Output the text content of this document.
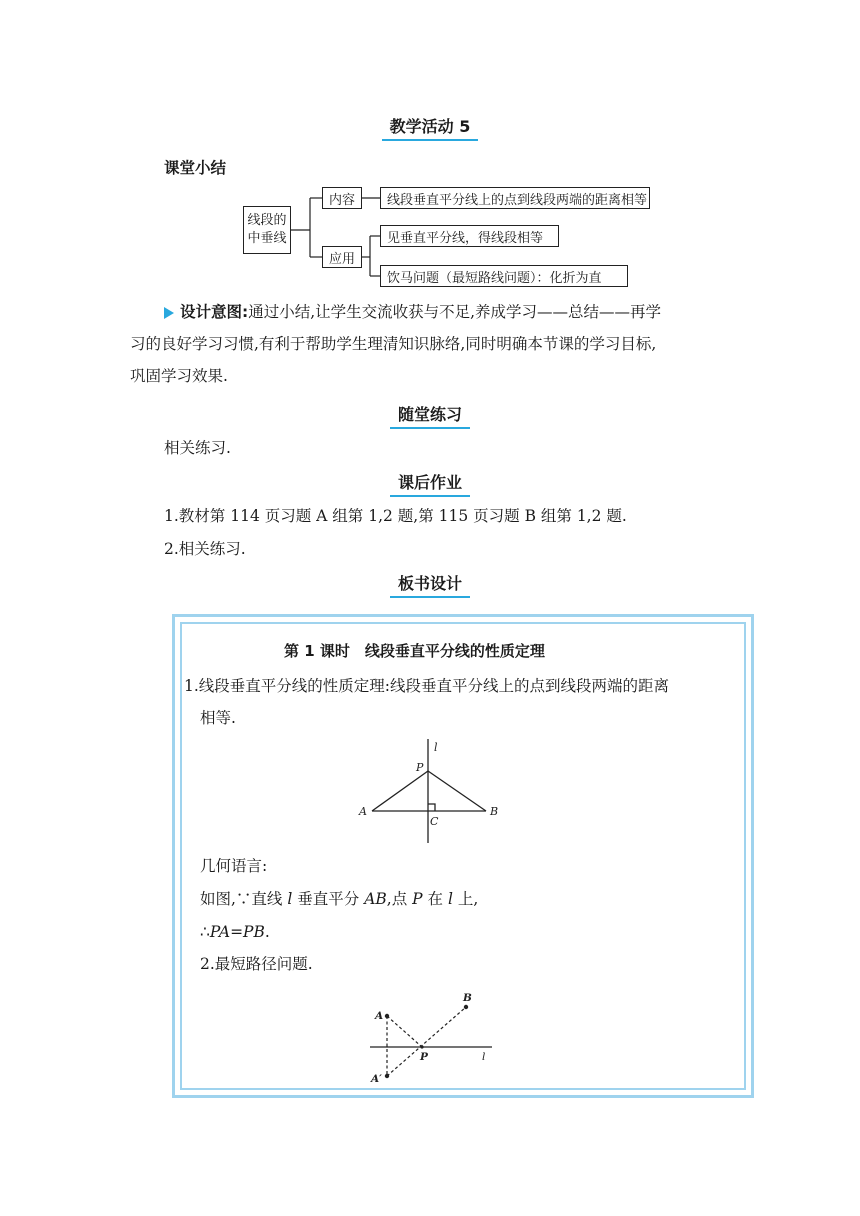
教学活动 5
课堂小结
线段的
中垂线
内容	线段垂直平分线上的点到线段两端的距离相等
应用
见垂直平分线，得线段相等
饮马问题（最短路线问题）：化折为直
设计意图:通过小结,让学生交流收获与不足,养成学习——总结——再学
习的良好学习习惯,有利于帮助学生理清知识脉络,同时明确本节课的学习目标,
巩固学习效果.
随堂练习
相关练习.
课后作业
1.教材第 114 页习题 A 组第 1,2 题,第 115 页习题 B 组第 1,2 题.
2.相关练习.
板书设计
第 1 课时　线段垂直平分线的性质定理
1.线段垂直平分线的性质定理:线段垂直平分线上的点到线段两端的距离
相等.
l
P
A	B
C
几何语言:
如图,∵直线 l 垂直平分 AB,点 P 在 l 上,
∴PA=PB.
2.最短路径问题.
A
B
P	l
A′
